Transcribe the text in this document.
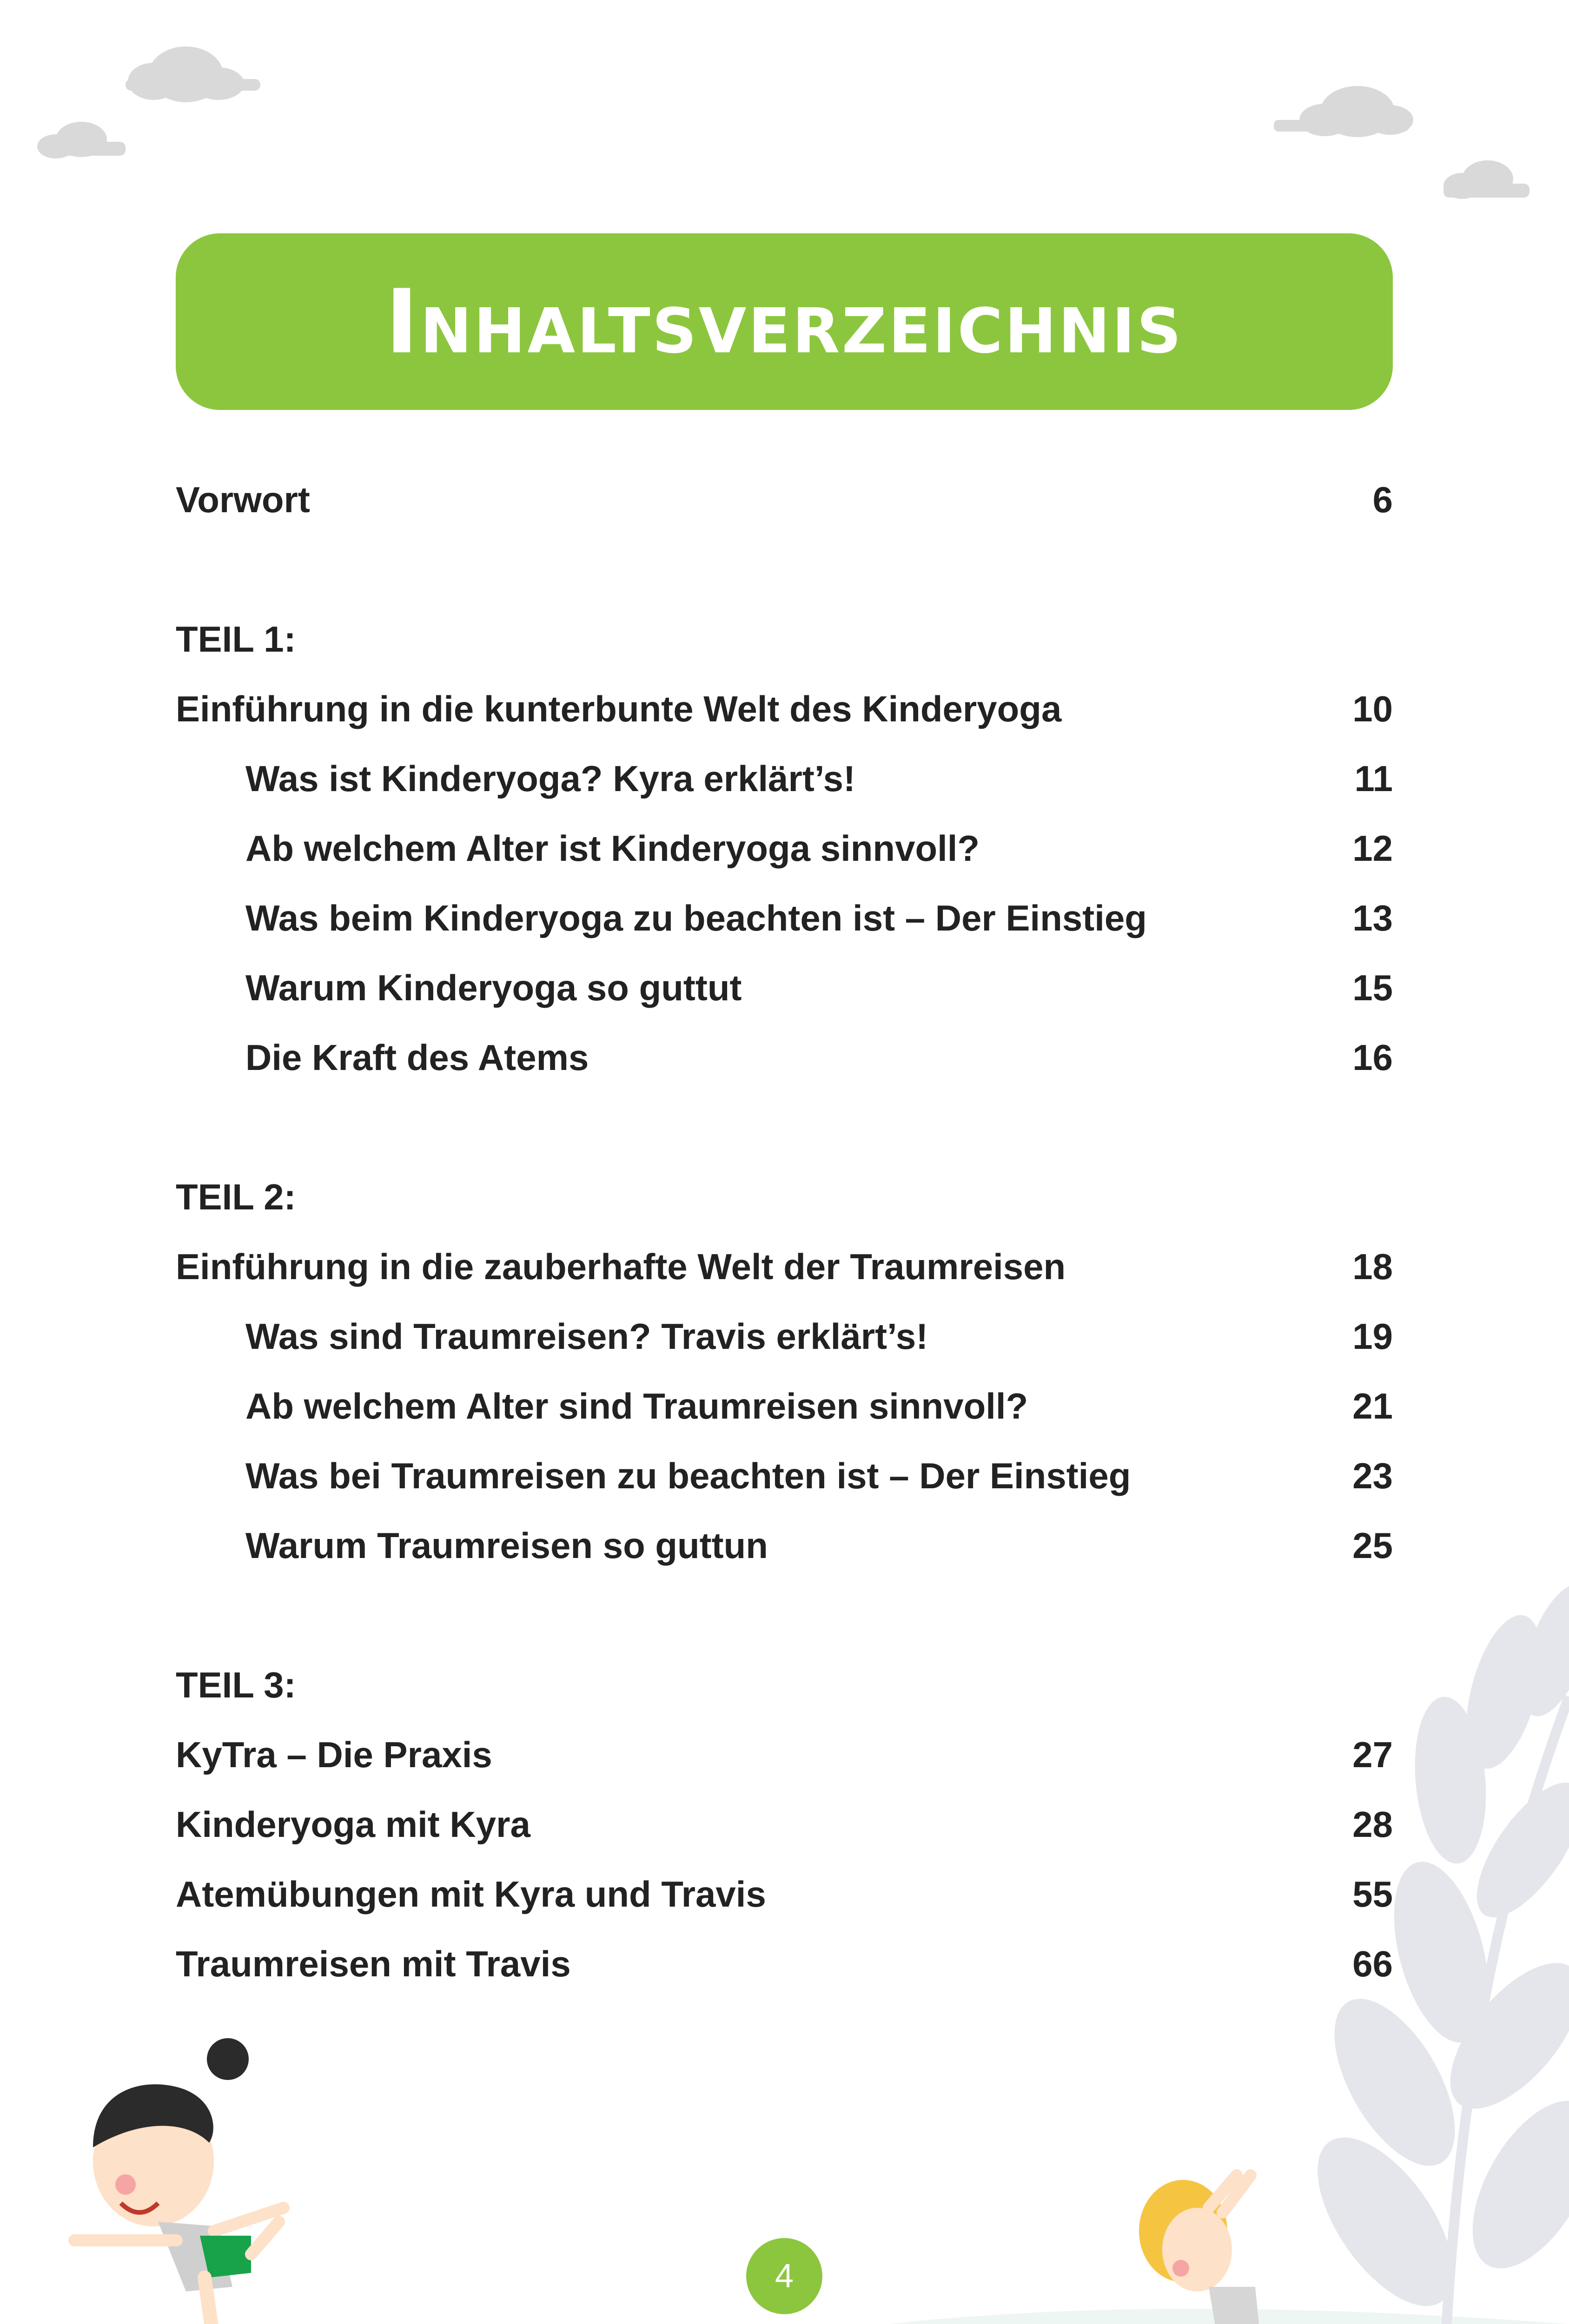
Inhaltsverzeichnis
Vorwort	6
TEIL 1:
Einführung in die kunterbunte Welt des Kinderyoga	10
Was ist Kinderyoga? Kyra erklärt’s!	11
Ab welchem Alter ist Kinderyoga sinnvoll?	12
Was beim Kinderyoga zu beachten ist – Der Einstieg	13
Warum Kinderyoga so guttut	15
Die Kraft des Atems	16
TEIL 2:
Einführung in die zauberhafte Welt der Traumreisen	18
Was sind Traumreisen? Travis erklärt’s!	19
Ab welchem Alter sind Traumreisen sinnvoll?	21
Was bei Traumreisen zu beachten ist – Der Einstieg	23
Warum Traumreisen so guttun	25
TEIL 3:
KyTra – Die Praxis	27
Kinderyoga mit Kyra	28
Atemübungen mit Kyra und Travis	55
Traumreisen mit Travis	66
4
